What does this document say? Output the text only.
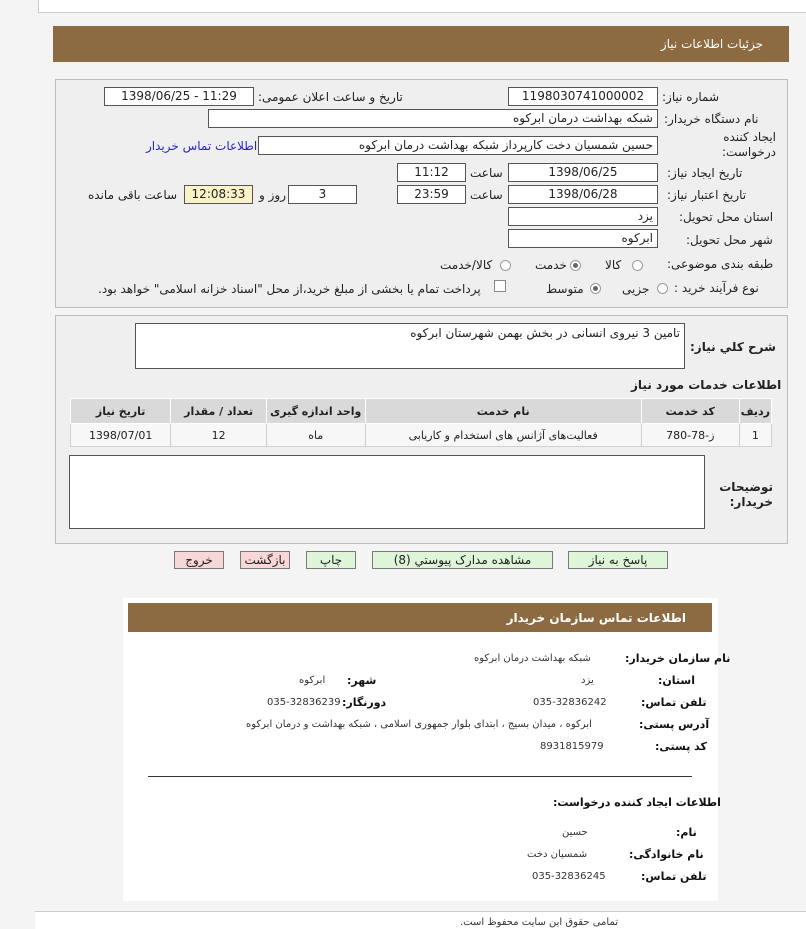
جزئیات اطلاعات نیاز
شماره نیاز:
1198030741000002
تاریخ و ساعت اعلان عمومی:
1398/06/25 - 11:29
نام دستگاه خریدار:
شبکه بهداشت درمان ابرکوه
ایجاد کننده درخواست:
حسین شمسیان دخت کارپرداز شبکه بهداشت درمان ابرکوه
اطلاعات تماس خریدار
تاریخ ایجاد نیاز:
1398/06/25
ساعت
11:12
تاریخ اعتبار نیاز:
1398/06/28
ساعت
23:59
3
روز و
12:08:33
ساعت باقی مانده
استان محل تحویل:
یزد
شهر محل تحویل:
ابرکوه
طبقه بندی موضوعی:
کالا
خدمت
کالا/خدمت
نوع فرآیند خرید :
جزیی
متوسط
پرداخت تمام یا بخشی از مبلغ خرید،از محل "اسناد خزانه اسلامی" خواهد بود.
شرح کلي نياز:
تامین 3 نیروی انسانی در بخش بهمن شهرستان ابرکوه
اطلاعات خدمات مورد نياز
ردیف	کد خدمت	نام خدمت	واحد اندازه گیری	تعداد / مقدار	تاریخ نیاز
1	ز-78-780	فعالیت‌های آژانس های استخدام و کاریابی	ماه	12	1398/07/01
توضیحات خریدار:
پاسخ به نیاز
مشاهده مدارک پیوستي (8)
چاپ
بازگشت
خروج
اطلاعات تماس سازمان خریدار
نام سازمان خریدار:
شبکه بهداشت درمان ابرکوه
استان:
یزد
شهر:
ابرکوه
تلفن تماس:
035-32836242
دورنگار:
035-32836239
آدرس پستی:
ابرکوه ، میدان بسیج ، ابتدای بلوار جمهوری اسلامی ، شبکه بهداشت و درمان ابرکوه
کد پستی:
8931815979
اطلاعات ایجاد کننده درخواست:
نام:
حسین
نام خانوادگی:
شمسیان دخت
تلفن تماس:
035-32836245
تمامی حقوق این سایت محفوظ است.
